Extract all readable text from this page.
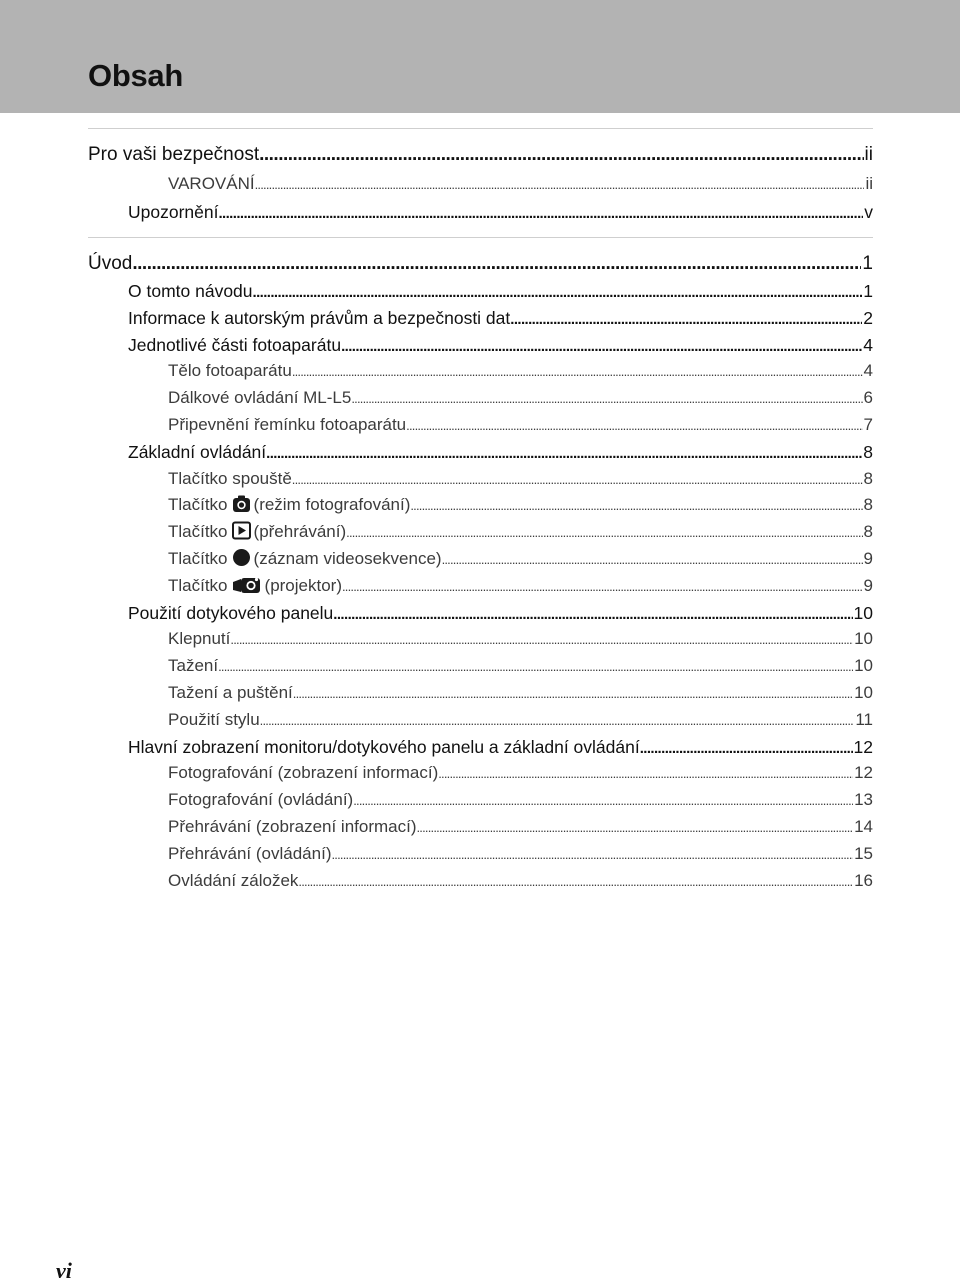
Obsah
Pro vaši bezpečnost .....	ii
VAROVÁNÍ .....	ii
Upozornění .....	v
Úvod .....	1
O tomto návodu .....	1
Informace k autorským právům a bezpečnosti dat .....	2
Jednotlivé části fotoaparátu .....	4
Tělo fotoaparátu .....	4
Dálkové ovládání ML-L5 .....	6
Připevnění řemínku fotoaparátu .....	7
Základní ovládání .....	8
Tlačítko spouště .....	8
Tlačítko (režim fotografování) .....	8
Tlačítko (přehrávání) .....	8
Tlačítko (záznam videosekvence) .....	9
Tlačítko (projektor) .....	9
Použití dotykového panelu .....	10
Klepnutí .....	10
Tažení .....	10
Tažení a puštění .....	10
Použití stylu .....	11
Hlavní zobrazení monitoru/dotykového panelu a základní ovládání .....	12
Fotografování (zobrazení informací) .....	12
Fotografování (ovládání) .....	13
Přehrávání (zobrazení informací) .....	14
Přehrávání (ovládání) .....	15
Ovládání záložek .....	16
vi
